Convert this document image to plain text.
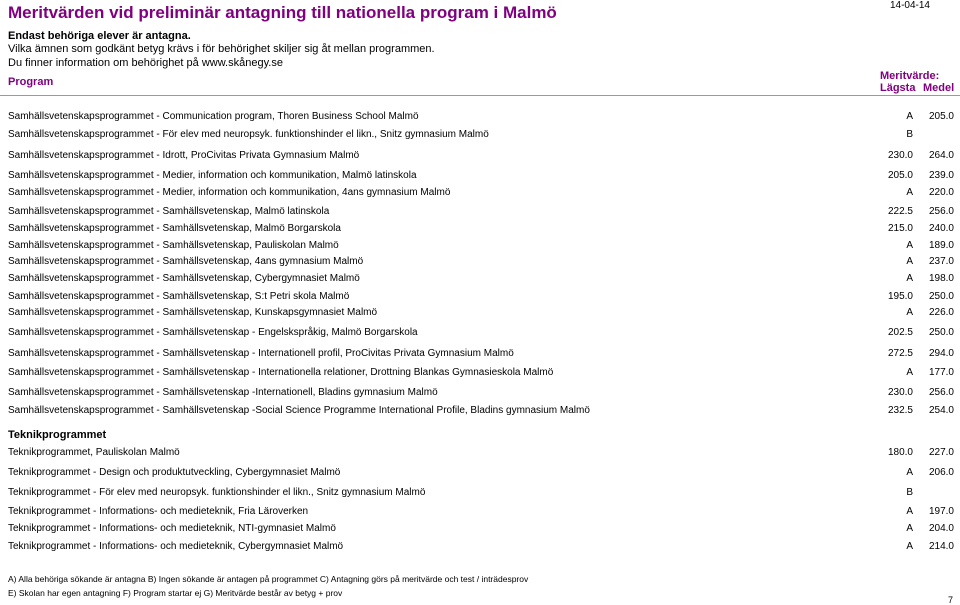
Meritvärden vid preliminär antagning till nationella program i Malmö	14-04-14
Endast behöriga elever är antagna.
Vilka ämnen som godkänt betyg krävs i för behörighet skiljer sig åt mellan programmen.
Du finner information om behörighet på www.skånegy.se
Program	Meritvärde:
Lägsta Medel
Samhällsvetenskapsprogrammet - Communication program, Thoren Business School Malmö	A 205.0
Samhällsvetenskapsprogrammet - För elev med neuropsyk. funktionshinder el likn., Snitz gymnasium Malmö	B
Samhällsvetenskapsprogrammet - Idrott, ProCivitas Privata Gymnasium Malmö	230.0 264.0
Samhällsvetenskapsprogrammet - Medier, information och kommunikation, Malmö latinskola	205.0 239.0
Samhällsvetenskapsprogrammet - Medier, information och kommunikation, 4ans gymnasium Malmö	A 220.0
Samhällsvetenskapsprogrammet - Samhällsvetenskap, Malmö latinskola	222.5 256.0
Samhällsvetenskapsprogrammet - Samhällsvetenskap, Malmö Borgarskola	215.0 240.0
Samhällsvetenskapsprogrammet - Samhällsvetenskap, Pauliskolan Malmö	A 189.0
Samhällsvetenskapsprogrammet - Samhällsvetenskap, 4ans gymnasium Malmö	A 237.0
Samhällsvetenskapsprogrammet - Samhällsvetenskap, Cybergymnasiet Malmö	A 198.0
Samhällsvetenskapsprogrammet - Samhällsvetenskap, S:t Petri skola Malmö	195.0 250.0
Samhällsvetenskapsprogrammet - Samhällsvetenskap, Kunskapsgymnasiet Malmö	A 226.0
Samhällsvetenskapsprogrammet - Samhällsvetenskap - Engelskspråkig, Malmö Borgarskola	202.5 250.0
Samhällsvetenskapsprogrammet - Samhällsvetenskap - Internationell profil, ProCivitas Privata Gymnasium Malmö	272.5 294.0
Samhällsvetenskapsprogrammet - Samhällsvetenskap - Internationella relationer, Drottning Blankas Gymnasieskola Malmö	A 177.0
Samhällsvetenskapsprogrammet - Samhällsvetenskap -Internationell, Bladins gymnasium Malmö	230.0 256.0
Samhällsvetenskapsprogrammet - Samhällsvetenskap -Social Science Programme International Profile, Bladins gymnasium Malmö	232.5 254.0
Teknikprogrammet
Teknikprogrammet, Pauliskolan Malmö	180.0 227.0
Teknikprogrammet - Design och produktutveckling, Cybergymnasiet Malmö	A 206.0
Teknikprogrammet - För elev med neuropsyk. funktionshinder el likn., Snitz gymnasium Malmö	B
Teknikprogrammet - Informations- och medieteknik, Fria Läroverken	A 197.0
Teknikprogrammet - Informations- och medieteknik, NTI-gymnasiet Malmö	A 204.0
Teknikprogrammet - Informations- och medieteknik, Cybergymnasiet Malmö	A 214.0
A) Alla behöriga sökande är antagna B) Ingen sökande är antagen på programmet C) Antagning görs på meritvärde och test / inträdesprov
E) Skolan har egen antagning F) Program startar ej G) Meritvärde består av betyg + prov
7
